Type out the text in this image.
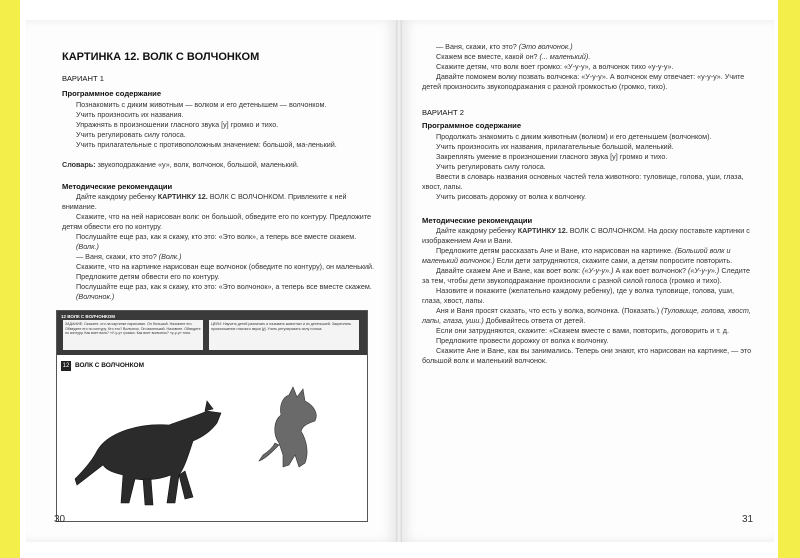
КАРТИНКА 12. ВОЛК С ВОЛЧОНКОМ
ВАРИАНТ 1
Программное содержание

Познакомить с диким животным — волком и его детенышем — волчонком.

Учить произносить их названия.

Упражнять в произношении гласного звука [у] громко и тихо.

Учить регулировать силу голоса.

Учить прилагательные с противоположным значением: большой, ма-ленький.

Словарь: звукоподражание «у», волк, волчонок, большой, маленький.
Методические рекомендации

Дайте каждому ребенку КАРТИНКУ 12. ВОЛК С ВОЛЧОНКОМ. Привлеките к ней внимание.

Скажите, что на ней нарисован волк: он большой, обведите его по контуру. Предложите детям обвести его по контуру.

Послушайте еще раз, как я скажу, кто это: «Это волк», а теперь все вместе скажем.

(Волк.)

— Ваня, скажи, кто это? (Волк.)

Скажите, что на картинке нарисован еще волчонок (обведите по контуру), он маленький.

Предложите детям обвести его по контуру.

Послушайте еще раз, как я скажу, кто это: «Это волчонок», а теперь все вместе скажем.

(Волчонок.)

12 ВОЛК С ВОЛЧОНКОМ
ЗАДАНИЕ: Скажите, кто на картинке нарисован. Он большой. Назовите его. Обведите его по контуру. Кто это? Волчонок. Он маленький. Назовите. Обведите по контуру. Как воет волк? «У-у-у» громко. Как воет волчонок? «у-у-у» тихо.
ЦЕЛИ: Научить детей различать и называть животных и их детенышей. Закреплять произношение гласного звука [у]. Учить регулировать силу голоса.
12 ВОЛК С ВОЛЧОНКОМ
30

— Ваня, скажи, кто это? (Это волчонок.)

Скажем все вместе, какой он? (... маленький).

Скажите детям, что волк воет громко: «У-у-у», а волчонок тихо «у-у-у».

Давайте поможем волку позвать волчонка: «У-у-у». А волчонок ему отвечает: «у-у-у». Учите детей произносить звукоподражания с разной громкостью (громко, тихо).

ВАРИАНТ 2
Программное содержание

Продолжать знакомить с диким животным (волком) и его детенышем (волчонком).

Учить произносить их названия, прилагательные большой, маленький.

Закреплять умение в произношении гласного звука [у] громко и тихо.

Учить регулировать силу голоса.

Ввести в словарь названия основных частей тела животного: туловище, голова, уши, глаза, хвост, лапы.

Учить рисовать дорожку от волка к волчонку.

Методические рекомендации

Дайте каждому ребенку КАРТИНКУ 12. ВОЛК С ВОЛЧОНКОМ. На доску поставьте картинки с изображением Ани и Вани.

Предложите детям рассказать Ане и Ване, кто нарисован на картинке. (Большой волк и маленький волчонок.) Если дети затрудняются, скажите сами, а детям попросите повторить.

Давайте скажем Ане и Ване, как воет волк: («У-у-у».) А как воет волчонок? («У-у-у».) Следите за тем, чтобы дети звукоподражание произносили с разной силой голоса (громко и тихо).

Назовите и покажите (желательно каждому ребенку), где у волка туловище, голова, уши, глаза, хвост, лапы.

Аня и Ваня просят сказать, что есть у волка, волчонка. (Показать.) (Туловище, голова, хвост, лапы, глаза, уши.) Добивайтесь ответа от детей.

Если они затрудняются, скажите: «Скажем вместе с вами, повторить, договорить и т. д.

Предложите провести дорожку от волка к волчонку.

Скажите Ане и Ване, как вы занимались. Теперь они знают, кто нарисован на картинке, — это большой волк и маленький волчонок.

31
